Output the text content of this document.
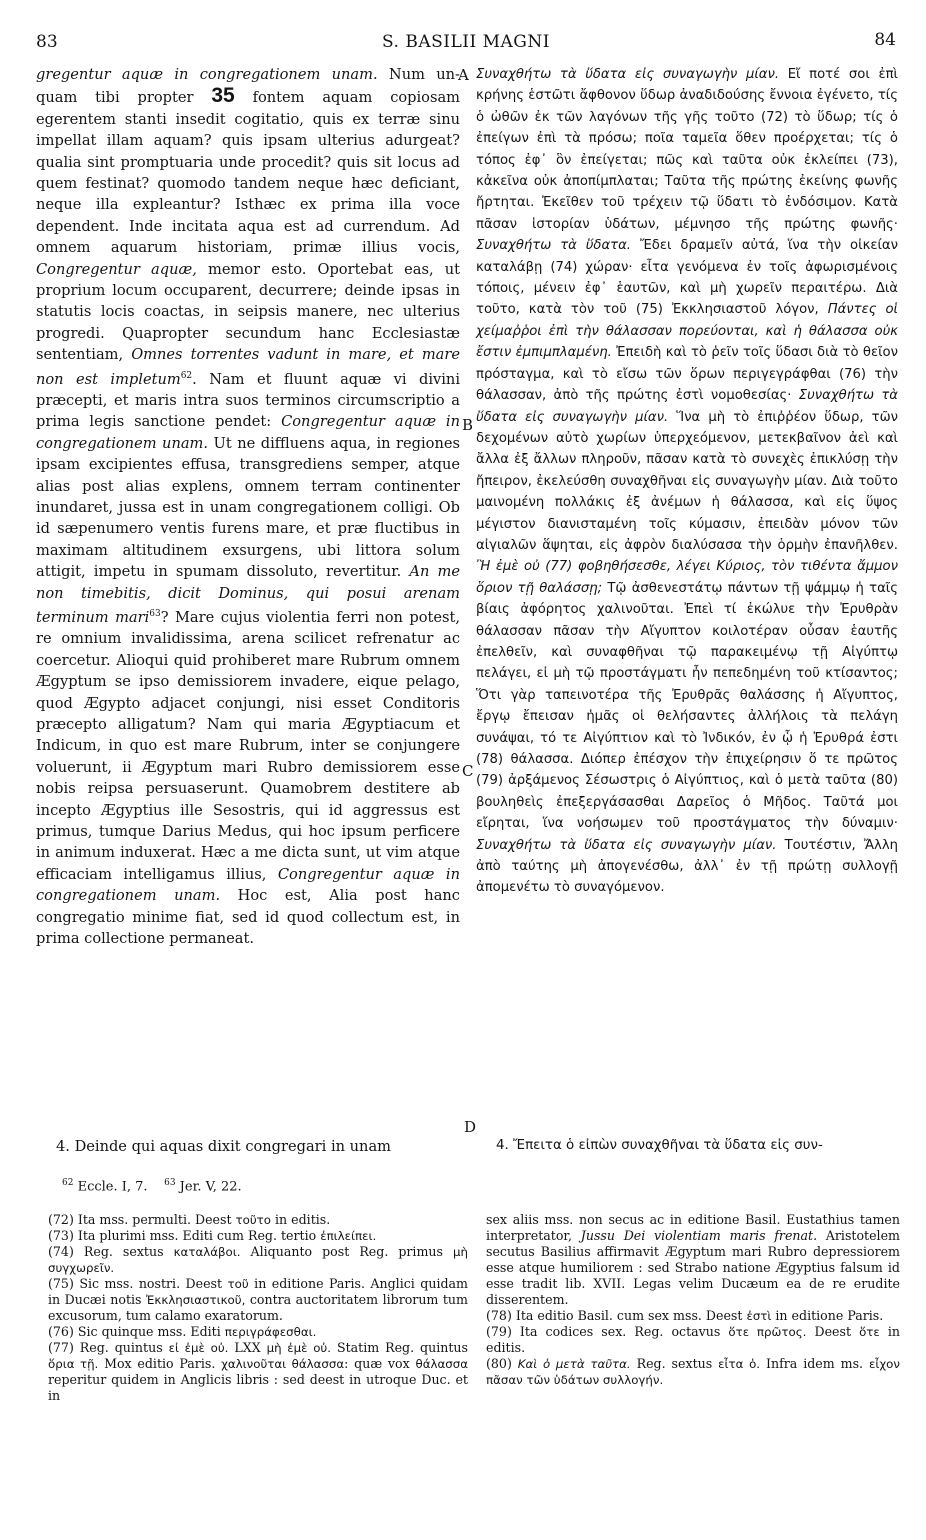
83	S. BASILII MAGNI	84

gregentur aquæ in congregationem unam. Num un-quam tibi propter 35 fontem aquam copiosam egerentem stanti insedit cogitatio, quis ex terræ sinu impellat illam aquam? quis ipsam ulterius adurgeat? qualia sint promptuaria unde procedit? quis sit locus ad quem festinat? quomodo tandem neque hæc deficiant, neque illa expleantur? Isthæc ex prima illa voce dependent. Inde incitata aqua est ad currendum. Ad omnem aquarum historiam, primæ illius vocis, Congregentur aquæ, memor esto. Oportebat eas, ut proprium locum occuparent, decurrere; deinde ipsas in statutis locis coactas, in seipsis manere, nec ulterius progredi. Quapropter secundum hanc Ecclesiastæ sententiam, Omnes torrentes vadunt in mare, et mare non est impletum$^{62}$. Nam et fluunt aquæ vi divini præcepti, et maris intra suos terminos circumscriptio a prima legis sanctione pendet: Congregentur aquæ in congregationem unam. Ut ne diffluens aqua, in regiones ipsam excipientes effusa, transgrediens semper, atque alias post alias explens, omnem terram continenter inundaret, jussa est in unam congregationem colligi. Ob id sæpenumero ventis furens mare, et præ fluctibus in maximam altitudinem exsurgens, ubi littora solum attigit, impetu in spumam dissoluto, revertitur. An me non timebitis, dicit Dominus, qui posui arenam terminum mari$^{63}$? Mare cujus violentia ferri non potest, re omnium invalidissima, arena scilicet refrenatur ac coercetur. Alioqui quid prohiberet mare Rubrum omnem Ægyptum se ipso demissiorem invadere, eique pelago, quod Ægypto adjacet conjungi, nisi esset Conditoris præcepto alligatum? Nam qui maria Ægyptiacum et Indicum, in quo est mare Rubrum, inter se conjungere voluerunt, ii Ægyptum mari Rubro demissiorem esse nobis reipsa persuaserunt. Quamobrem destitere ab incepto Ægyptius ille Sesostris, qui id aggressus est primus, tumque Darius Medus, qui hoc ipsum perficere in animum induxerat. Hæc a me dicta sunt, ut vim atque efficaciam intelligamus illius, Congregentur aquæ in congregationem unam. Hoc est, Alia post hanc congregatio minime fiat, sed id quod collectum est, in prima collectione permaneat.

A
B
C
D

Συναχθήτω τὰ ὕδατα εἰς συναγωγὴν μίαν. Εἴ ποτέ σοι ἐπὶ κρήνης ἑστῶτι ἄφθονον ὕδωρ ἀναδιδούσης ἔννοια ἐγένετο, τίς ὁ ὠθῶν ἐκ τῶν λαγόνων τῆς γῆς τοῦτο (72) τὸ ὕδωρ; τίς ὁ ἐπείγων ἐπὶ τὰ πρόσω; ποῖα ταμεῖα ὅθεν προέρχεται; τίς ὁ τόπος ἐφ᾽ ὃν ἐπείγεται; πῶς καὶ ταῦτα οὐκ ἐκλείπει (73), κἀκεῖνα οὐκ ἀποπίμπλαται; Ταῦτα τῆς πρώτης ἐκείνης φωνῆς ἤρτηται. Ἐκεῖθεν τοῦ τρέχειν τῷ ὕδατι τὸ ἐνδόσιμον. Κατὰ πᾶσαν ἱστορίαν ὑδάτων, μέμνησο τῆς πρώτης φωνῆς· Συναχθήτω τὰ ὕδατα. Ἔδει δραμεῖν αὐτά, ἵνα τὴν οἰκείαν καταλάβῃ (74) χώραν· εἶτα γενόμενα ἐν τοῖς ἀφωρισμένοις τόποις, μένειν ἐφ᾽ ἑαυτῶν, καὶ μὴ χωρεῖν περαιτέρω. Διὰ τοῦτο, κατὰ τὸν τοῦ (75) Ἐκκλησιαστοῦ λόγον, Πάντες οἱ χείμαῤῥοι ἐπὶ τὴν θάλασσαν πορεύονται, καὶ ἡ θάλασσα οὐκ ἔστιν ἐμπιμπλαμένη. Ἐπειδὴ καὶ τὸ ῥεῖν τοῖς ὕδασι διὰ τὸ θεῖον πρόσταγμα, καὶ τὸ εἴσω τῶν ὅρων περιγεγράφθαι (76) τὴν θάλασσαν, ἀπὸ τῆς πρώτης ἐστὶ νομοθεσίας· Συναχθήτω τὰ ὕδατα εἰς συναγωγὴν μίαν. Ἵνα μὴ τὸ ἐπιῤῥέον ὕδωρ, τῶν δεχομένων αὐτὸ χωρίων ὑπερχεόμενον, μετεκβαῖνον ἀεὶ καὶ ἄλλα ἐξ ἄλλων πληροῦν, πᾶσαν κατὰ τὸ συνεχὲς ἐπικλύσῃ τὴν ἤπειρον, ἐκελεύσθη συναχθῆναι εἰς συναγωγὴν μίαν. Διὰ τοῦτο μαινομένη πολλάκις ἐξ ἀνέμων ἡ θάλασσα, καὶ εἰς ὕψος μέγιστον διανισταμένη τοῖς κύμασιν, ἐπειδὰν μόνον τῶν αἰγιαλῶν ἅψηται, εἰς ἀφρὸν διαλύσασα τὴν ὁρμὴν ἐπανῆλθεν. Ἢ ἐμὲ οὐ (77) φοβηθήσεσθε, λέγει Κύριος, τὸν τιθέντα ἄμμον ὅριον τῇ θαλάσσῃ; Τῷ ἀσθενεστάτῳ πάντων τῇ ψάμμῳ ἡ ταῖς βίαις ἀφόρητος χαλινοῦται. Ἐπεὶ τί ἐκώλυε τὴν Ἐρυθρὰν θάλασσαν πᾶσαν τὴν Αἴγυπτον κοιλοτέραν οὖσαν ἑαυτῆς ἐπελθεῖν, καὶ συναφθῆναι τῷ παρακειμένῳ τῇ Αἰγύπτῳ πελάγει, εἰ μὴ τῷ προστάγματι ἦν πεπεδημένη τοῦ κτίσαντος; Ὅτι γὰρ ταπεινοτέρα τῆς Ἐρυθρᾶς θαλάσσης ἡ Αἴγυπτος, ἔργῳ ἔπεισαν ἡμᾶς οἱ θελήσαντες ἀλλήλοις τὰ πελάγη συνάψαι, τό τε Αἰγύπτιον καὶ τὸ Ἰνδικόν, ἐν ᾧ ἡ Ἐρυθρά ἐστι (78) θάλασσα. Διόπερ ἐπέσχον τὴν ἐπιχείρησιν ὅ τε πρῶτος (79) ἀρξάμενος Σέσωστρις ὁ Αἰγύπτιος, καὶ ὁ μετὰ ταῦτα (80) βουληθεὶς ἐπεξεργάσασθαι Δαρεῖος ὁ Μῆδος. Ταῦτά μοι εἴρηται, ἵνα νοήσωμεν τοῦ προστάγματος τὴν δύναμιν· Συναχθήτω τὰ ὕδατα εἰς συναγωγὴν μίαν. Τουτέστιν, Ἄλλη ἀπὸ ταύτης μὴ ἀπογενέσθω, ἀλλ᾽ ἐν τῇ πρώτῃ συλλογῇ ἀπομενέτω τὸ συναγόμενον.

4. Deinde qui aquas dixit congregari in unam	4. Ἔπειτα ὁ εἰπὼν συναχθῆναι τὰ ὕδατα εἰς συν-
$^{62}$ Eccle. I, 7. $^{63}$ Jer. V, 22.

(72) Ita mss. permulti. Deest τοῦτο in editis.

(73) Ita plurimi mss. Editi cum Reg. tertio ἐπιλείπει.

(74) Reg. sextus καταλάβοι. Aliquanto post Reg. primus μὴ συγχωρεῖν.

(75) Sic mss. nostri. Deest τοῦ in editione Paris. Anglici quidam in Ducæi notis Ἐκκλησιαστικοῦ, contra auctoritatem librorum tum excusorum, tum calamo exaratorum.

(76) Sic quinque mss. Editi περιγράφεσθαι.

(77) Reg. quintus εἰ ἐμὲ οὐ. LXX μὴ ἐμὲ οὐ. Statim Reg. quintus ὅρια τῇ. Mox editio Paris. χαλινοῦται θάλασσα: quæ vox θάλασσα reperitur quidem in Anglicis libris : sed deest in utroque Duc. et in

sex aliis mss. non secus ac in editione Basil. Eustathius tamen interpretator, Jussu Dei violentiam maris frenat. Aristotelem secutus Basilius affirmavit Ægyptum mari Rubro depressiorem esse atque humiliorem : sed Strabo natione Ægyptius falsum id esse tradit lib. XVII. Legas velim Ducæum ea de re erudite disserentem.

(78) Ita editio Basil. cum sex mss. Deest ἐστὶ in editione Paris.

(79) Ita codices sex. Reg. octavus ὅτε πρῶτος. Deest ὅτε in editis.

(80) Καὶ ὁ μετὰ ταῦτα. Reg. sextus εἶτα ὁ. Infra idem ms. εἶχον πᾶσαν τῶν ὑδάτων συλλογήν.
